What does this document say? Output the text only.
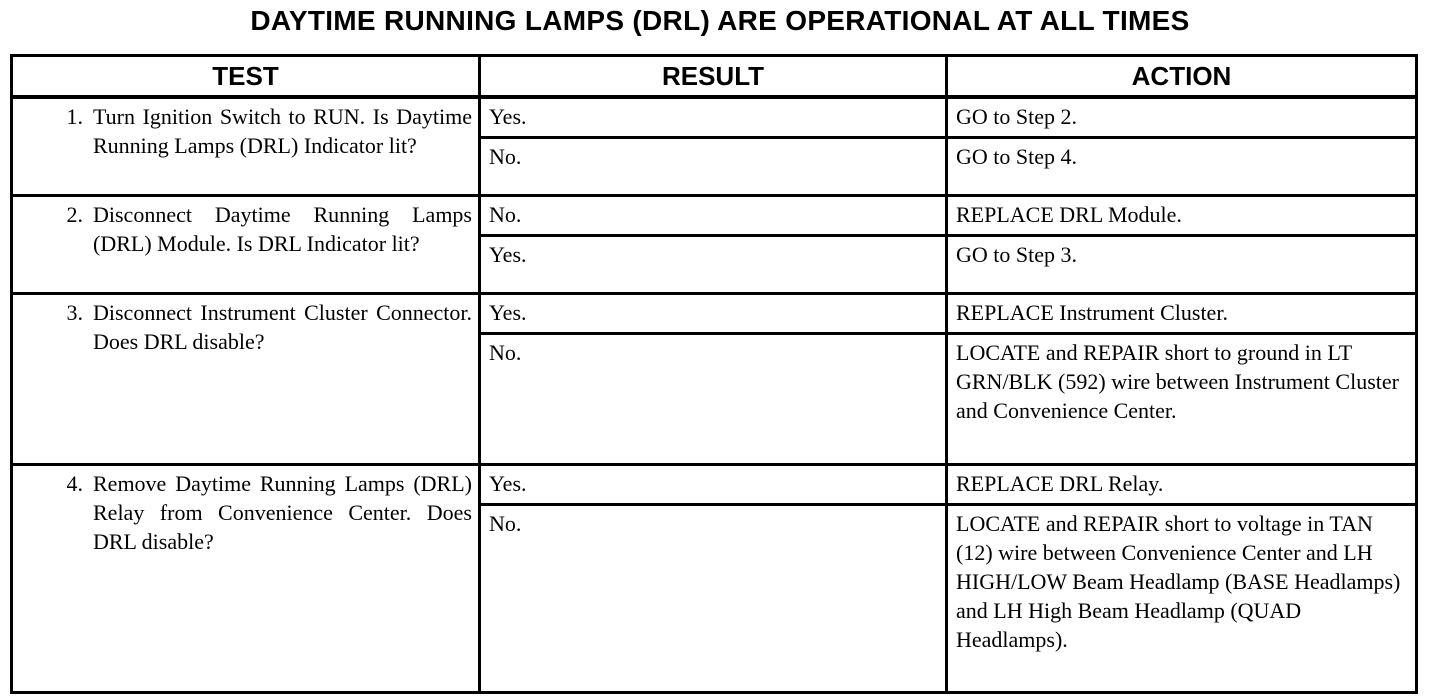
DAYTIME RUNNING LAMPS (DRL) ARE OPERATIONAL AT ALL TIMES
TEST	RESULT	ACTION

1. Turn Ignition Switch to RUN. Is Daytime Running Lamps (DRL) Indicator lit?	Yes.	GO to Step 2.
	No.	GO to Step 4.

2. Disconnect Daytime Running Lamps (DRL) Module. Is DRL Indicator lit?	No.	REPLACE DRL Module.
	Yes.	GO to Step 3.

3. Disconnect Instrument Cluster Connector. Does DRL disable?	Yes.	REPLACE Instrument Cluster.
	No.	LOCATE and REPAIR short to ground in LT GRN/BLK (592) wire between Instrument Cluster and Convenience Center.

4. Remove Daytime Running Lamps (DRL) Relay from Convenience Center. Does DRL disable?	Yes.	REPLACE DRL Relay.
	No.	LOCATE and REPAIR short to voltage in TAN (12) wire between Convenience Center and LH HIGH/LOW Beam Headlamp (BASE Headlamps) and LH High Beam Headlamp (QUAD Headlamps).
